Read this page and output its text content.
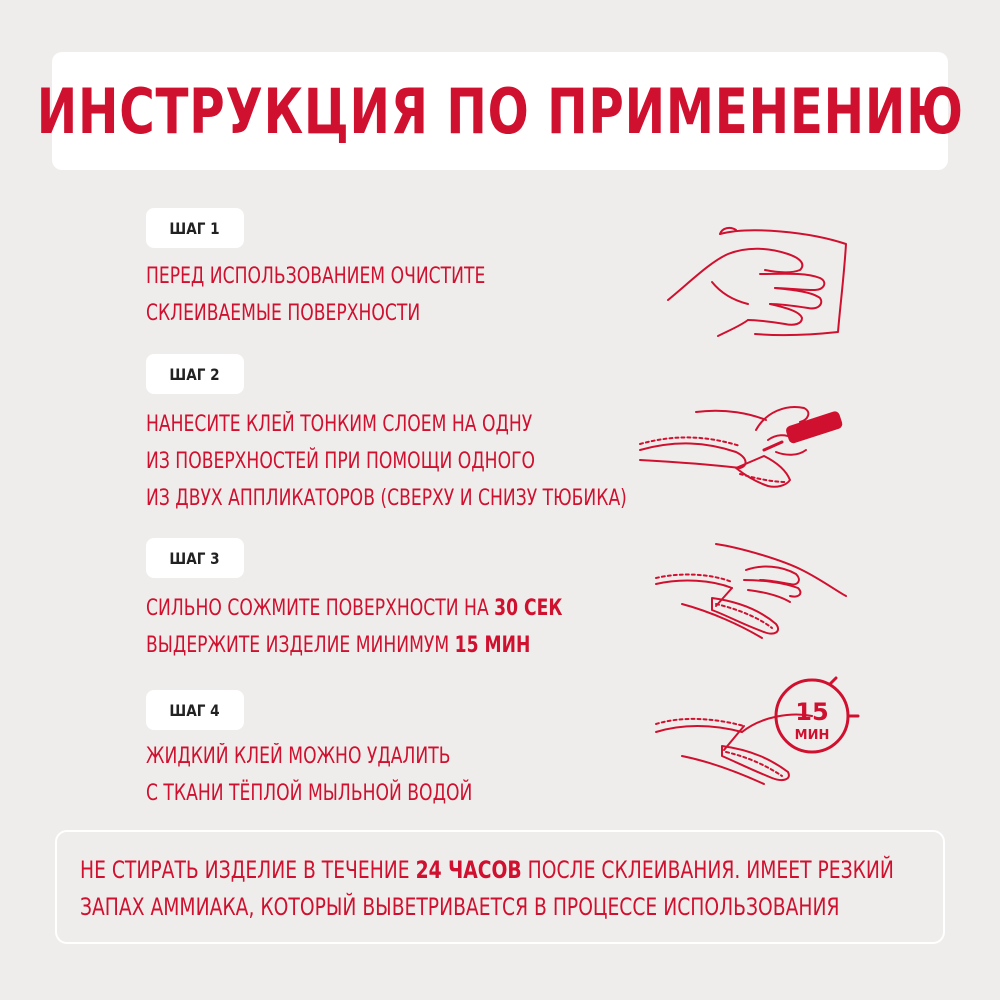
ИНСТРУКЦИЯ ПО ПРИМЕНЕНИЮ
ШАГ 1
ПЕРЕД ИСПОЛЬЗОВАНИЕМ ОЧИСТИТЕ
СКЛЕИВАЕМЫЕ ПОВЕРХНОСТИ
ШАГ 2
НАНЕСИТЕ КЛЕЙ ТОНКИМ СЛОЕМ НА ОДНУ
ИЗ ПОВЕРХНОСТЕЙ ПРИ ПОМОЩИ ОДНОГО
ИЗ ДВУХ АППЛИКАТОРОВ (СВЕРХУ И СНИЗУ ТЮБИКА)
ШАГ 3
СИЛЬНО СОЖМИТЕ ПОВЕРХНОСТИ НА 30 СЕК
ВЫДЕРЖИТЕ ИЗДЕЛИЕ МИНИМУМ 15 МИН
ШАГ 4
ЖИДКИЙ КЛЕЙ МОЖНО УДАЛИТЬ
С ТКАНИ ТЁПЛОЙ МЫЛЬНОЙ ВОДОЙ
15
МИН
НЕ СТИРАТЬ ИЗДЕЛИЕ В ТЕЧЕНИЕ 24 ЧАСОВ ПОСЛЕ СКЛЕИВАНИЯ. ИМЕЕТ РЕЗКИЙ
ЗАПАХ АММИАКА, КОТОРЫЙ ВЫВЕТРИВАЕТСЯ В ПРОЦЕССЕ ИСПОЛЬЗОВАНИЯ
